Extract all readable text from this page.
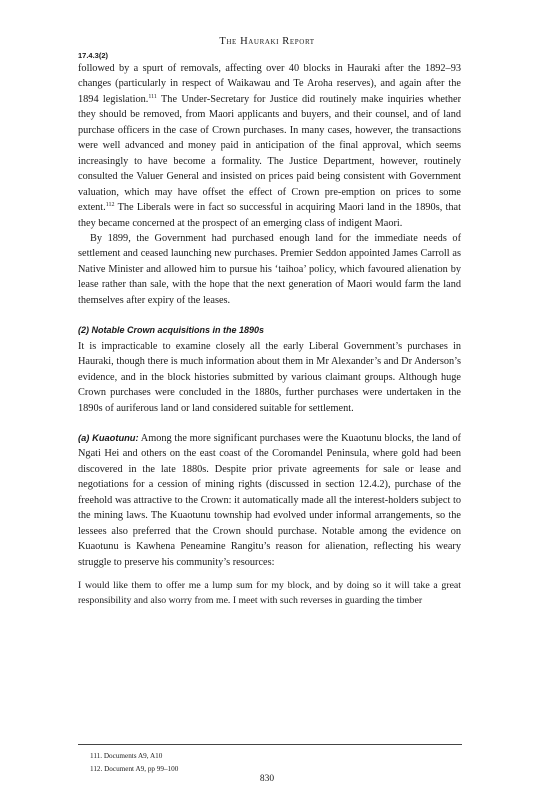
The Hauraki Report
17.4.3(2)

followed by a spurt of removals, affecting over 40 blocks in Hauraki after the 1892–93 changes (particularly in respect of Waikawau and Te Aroha reserves), and again after the 1894 legislation.$^{111}$ The Under-Secretary for Justice did routinely make inquiries whether they should be removed, from Maori applicants and buyers, and their counsel, and of land purchase officers in the case of Crown purchases. In many cases, however, the transactions were well advanced and money paid in anticipation of the final approval, which seems increasingly to have become a formality. The Justice Department, however, routinely consulted the Valuer General and insisted on prices paid being consistent with Government valuation, which may have offset the effect of Crown pre-emption on prices to some extent.$^{112}$ The Liberals were in fact so successful in acquiring Maori land in the 1890s, that they became concerned at the prospect of an emerging class of indigent Maori.

By 1899, the Government had purchased enough land for the immediate needs of settlement and ceased launching new purchases. Premier Seddon appointed James Carroll as Native Minister and allowed him to pursue his ‘taihoa’ policy, which favoured alienation by lease rather than sale, with the hope that the next generation of Maori would farm the land themselves after expiry of the leases.

(2) Notable Crown acquisitions in the 1890s

It is impracticable to examine closely all the early Liberal Government’s purchases in Hauraki, though there is much information about them in Mr Alexander’s and Dr Anderson’s evidence, and in the block histories submitted by various claimant groups. Although huge Crown purchases were concluded in the 1880s, further purchases were undertaken in the 1890s of auriferous land or land considered suitable for settlement.

(a) Kuaotunu: Among the more significant purchases were the Kuaotunu blocks, the land of Ngati Hei and others on the east coast of the Coromandel Peninsula, where gold had been discovered in the late 1880s. Despite prior private agreements for sale or lease and negotiations for a cession of mining rights (discussed in section 12.4.2), purchase of the freehold was attractive to the Crown: it automatically made all the interest-holders subject to the mining laws. The Kuaotunu township had evolved under informal arrangements, so the lessees also preferred that the Crown should purchase. Notable among the evidence on Kuaotunu is Kawhena Peneamine Rangitu’s reason for alienation, reflecting his weary struggle to preserve his community’s resources:

I would like them to offer me a lump sum for my block, and by doing so it will take a great responsibility and also worry from me. I meet with such reverses in guarding the timber

111. Documents A9, A10
112. Document A9, pp 99–100
830
